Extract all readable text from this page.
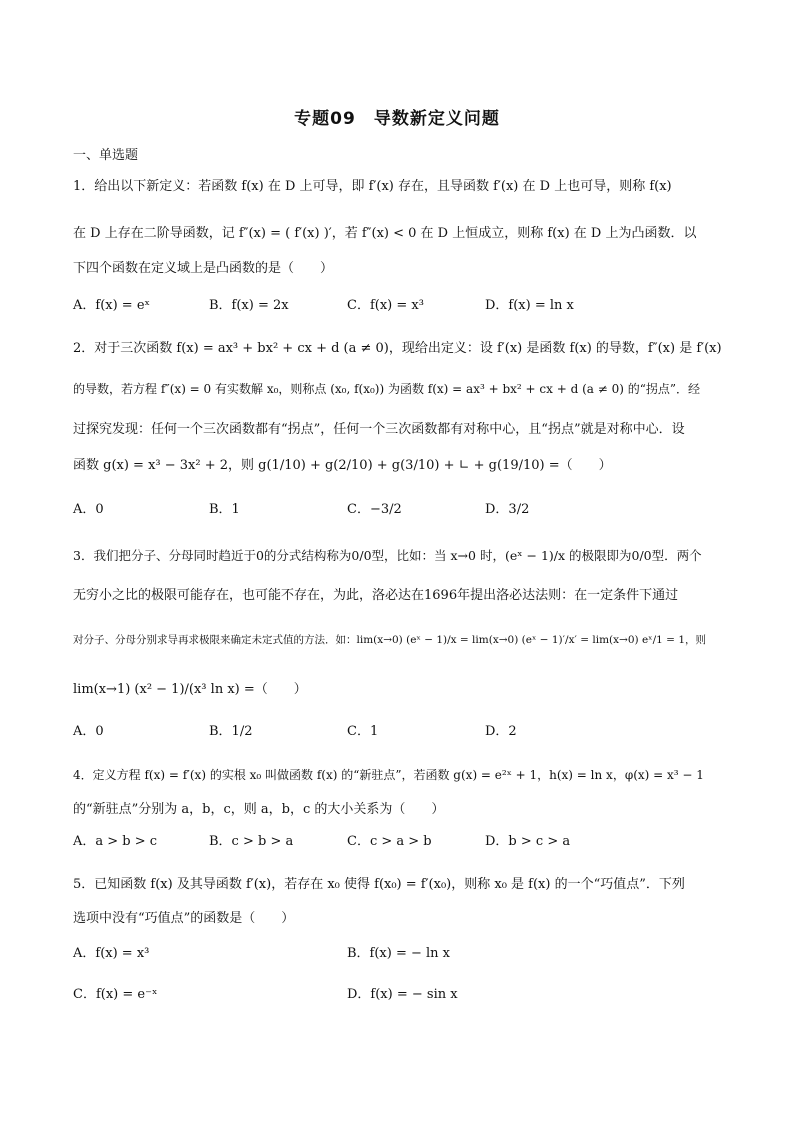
专题09　导数新定义问题
一、单选题
1．给出以下新定义：若函数 f(x) 在 D 上可导，即 f′(x) 存在，且导函数 f′(x) 在 D 上也可导，则称 f(x)
在 D 上存在二阶导函数，记 f″(x) = ( f′(x) )′，若 f″(x) < 0 在 D 上恒成立，则称 f(x) 在 D 上为凸函数．以
下四个函数在定义域上是凸函数的是（　　）
A．f(x) = eˣ	B．f(x) = 2x	C．f(x) = x³	D．f(x) = ln x
2．对于三次函数 f(x) = ax³ + bx² + cx + d (a ≠ 0)，现给出定义：设 f′(x) 是函数 f(x) 的导数，f″(x) 是 f′(x)
的导数，若方程 f″(x) = 0 有实数解 x₀，则称点 (x₀, f(x₀)) 为函数 f(x) = ax³ + bx² + cx + d (a ≠ 0) 的“拐点”．经
过探究发现：任何一个三次函数都有“拐点”，任何一个三次函数都有对称中心，且“拐点”就是对称中心．设
函数 g(x) = x³ − 3x² + 2，则 g(1/10) + g(2/10) + g(3/10) + ∟ + g(19/10) =（　　）
A．0	B．1	C．−3/2	D．3/2
3．我们把分子、分母同时趋近于0的分式结构称为0/0型，比如：当 x→0 时，(eˣ − 1)/x 的极限即为0/0型．两个
无穷小之比的极限可能存在，也可能不存在，为此，洛必达在1696年提出洛必达法则：在一定条件下通过
对分子、分母分别求导再求极限来确定未定式值的方法．如：lim(x→0) (eˣ − 1)/x = lim(x→0) (eˣ − 1)′/x′ = lim(x→0) eˣ/1 = 1，则
lim(x→1) (x² − 1)/(x³ ln x) =（　　）
A．0	B．1/2	C．1	D．2
4．定义方程 f(x) = f′(x) 的实根 x₀ 叫做函数 f(x) 的“新驻点”，若函数 g(x) = e²ˣ + 1，h(x) = ln x，φ(x) = x³ − 1
的“新驻点”分别为 a，b，c，则 a，b，c 的大小关系为（　　）
A．a > b > c	B．c > b > a	C．c > a > b	D．b > c > a
5．已知函数 f(x) 及其导函数 f′(x)，若存在 x₀ 使得 f(x₀) = f′(x₀)，则称 x₀ 是 f(x) 的一个“巧值点”．下列
选项中没有“巧值点”的函数是（　　）
A．f(x) = x³	B．f(x) = − ln x
C．f(x) = e⁻ˣ	D．f(x) = − sin x
